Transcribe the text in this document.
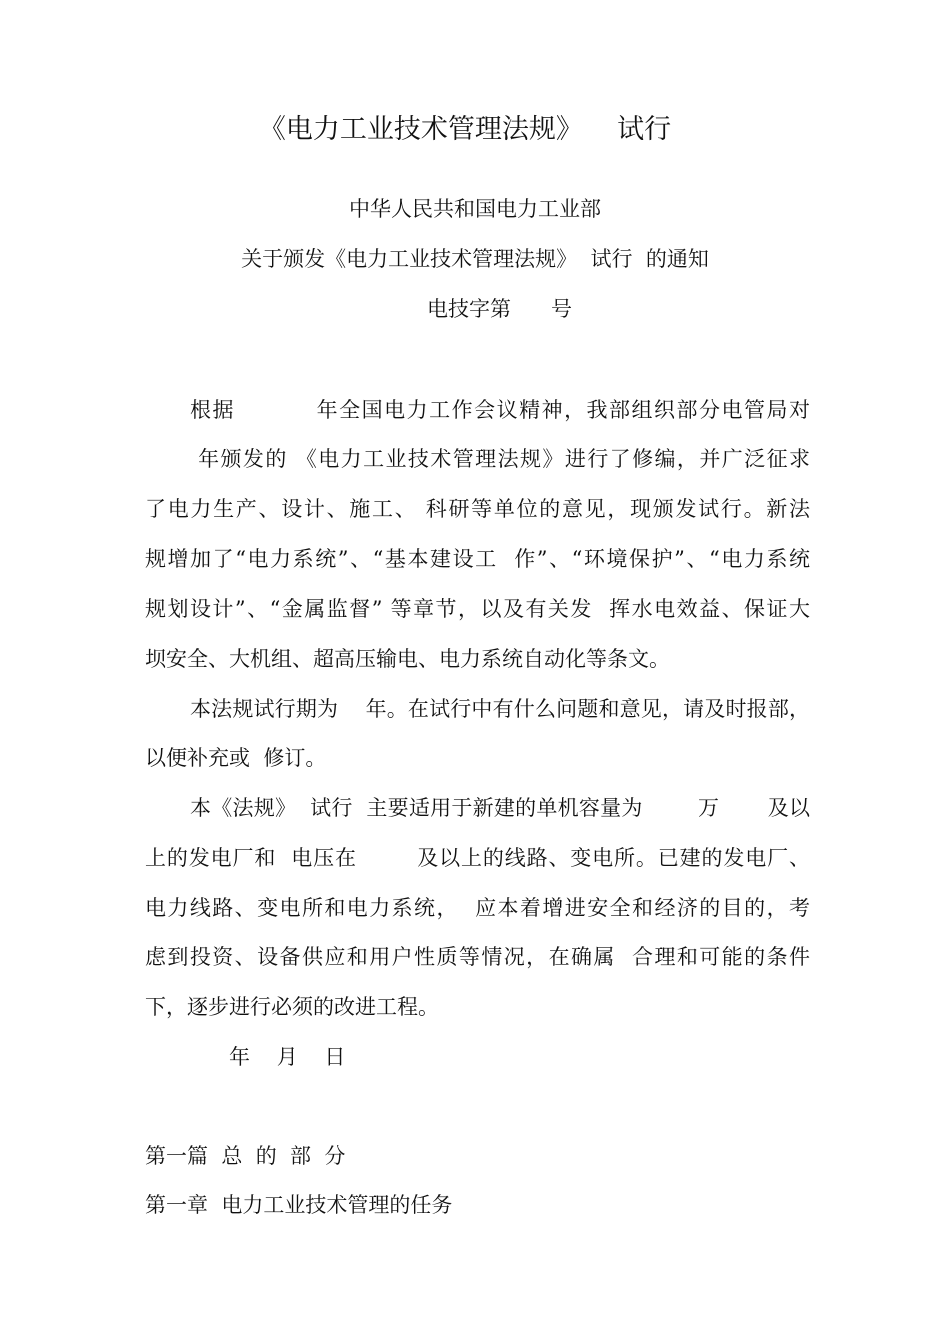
《电力工业技术管理法规》    试行
中华人民共和国电力工业部
关于颁发《电力工业技术管理法规》  试行  的通知
电技字第      号
根据          年全国电力工作会议精神，我部组织部分电管局对
年颁发的 《电力工业技术管理法规》进行了修编，并广泛征求
了电力生产、设计、施工、 科研等单位的意见，现颁发试行。新法
规增加了“电力系统”、“基本建设工  作”、“环境保护”、“电力系统
规划设计”、“金属监督” 等章节，以及有关发  挥水电效益、保证大
坝安全、大机组、超高压输电、电力系统自动化等条文。
本法规试行期为    年。在试行中有什么问题和意见，请及时报部，
以便补充或  修订。
本《法规》  试行  主要适用于新建的单机容量为        万       及以
上的发电厂和  电压在        及以上的线路、变电所。已建的发电厂、
电力线路、变电所和电力系统，  应本着增进安全和经济的目的，考
虑到投资、设备供应和用户性质等情况，在确属  合理和可能的条件
下，逐步进行必须的改进工程。
年    月    日
第一篇  总  的  部  分
第一章  电力工业技术管理的任务
